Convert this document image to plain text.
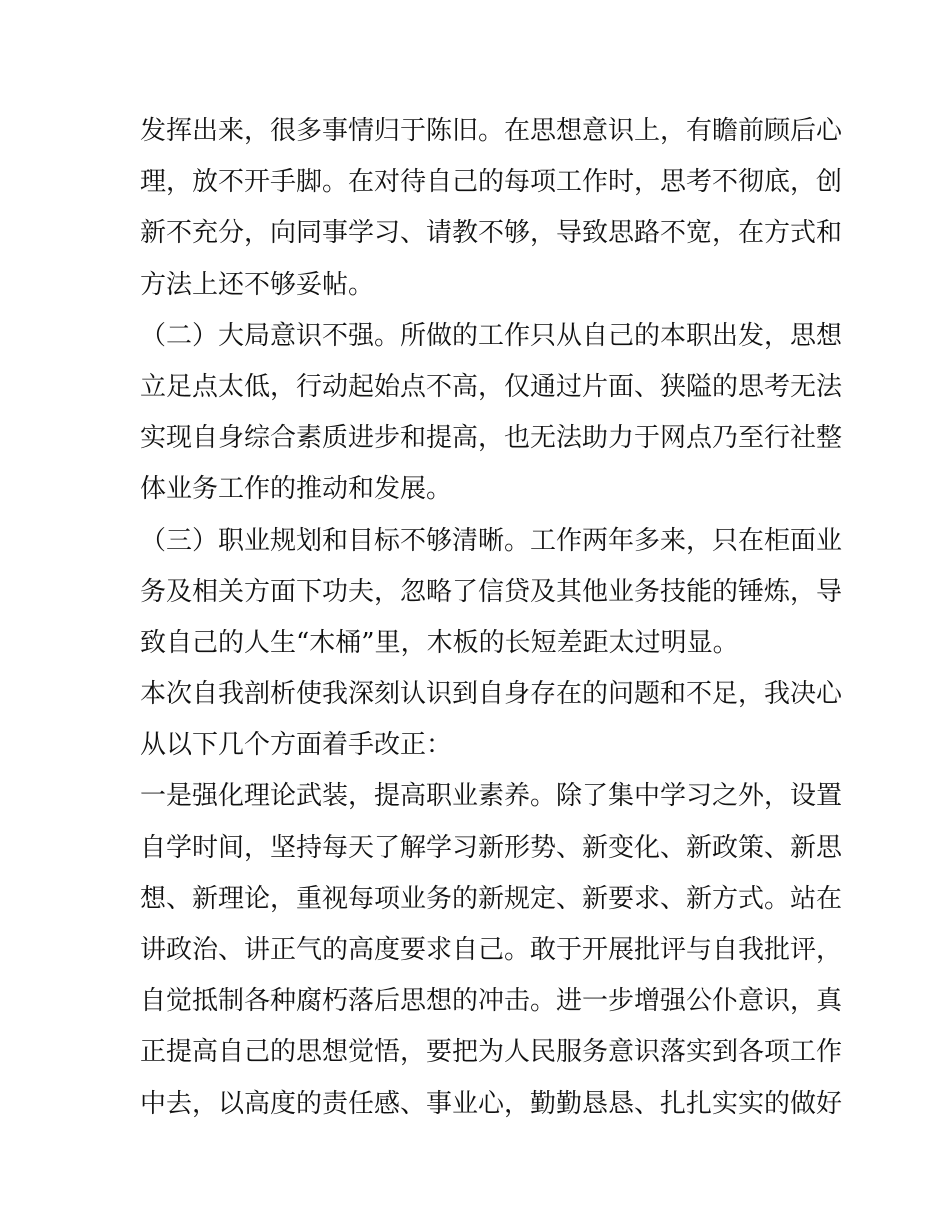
发挥出来，很多事情归于陈旧。在思想意识上，有瞻前顾后心
理，放不开手脚。在对待自己的每项工作时，思考不彻底，创
新不充分，向同事学习、请教不够，导致思路不宽，在方式和
方法上还不够妥帖。
（二）大局意识不强。所做的工作只从自己的本职出发，思想
立足点太低，行动起始点不高，仅通过片面、狭隘的思考无法
实现自身综合素质进步和提高，也无法助力于网点乃至行社整
体业务工作的推动和发展。
（三）职业规划和目标不够清晰。工作两年多来，只在柜面业
务及相关方面下功夫，忽略了信贷及其他业务技能的锤炼，导
致自己的人生“木桶”里，木板的长短差距太过明显。
本次自我剖析使我深刻认识到自身存在的问题和不足，我决心
从以下几个方面着手改正：
一是强化理论武装，提高职业素养。除了集中学习之外，设置
自学时间，坚持每天了解学习新形势、新变化、新政策、新思
想、新理论，重视每项业务的新规定、新要求、新方式。站在
讲政治、讲正气的高度要求自己。敢于开展批评与自我批评，
自觉抵制各种腐朽落后思想的冲击。进一步增强公仆意识，真
正提高自己的思想觉悟，要把为人民服务意识落实到各项工作
中去，以高度的责任感、事业心，勤勤恳恳、扎扎实实的做好
